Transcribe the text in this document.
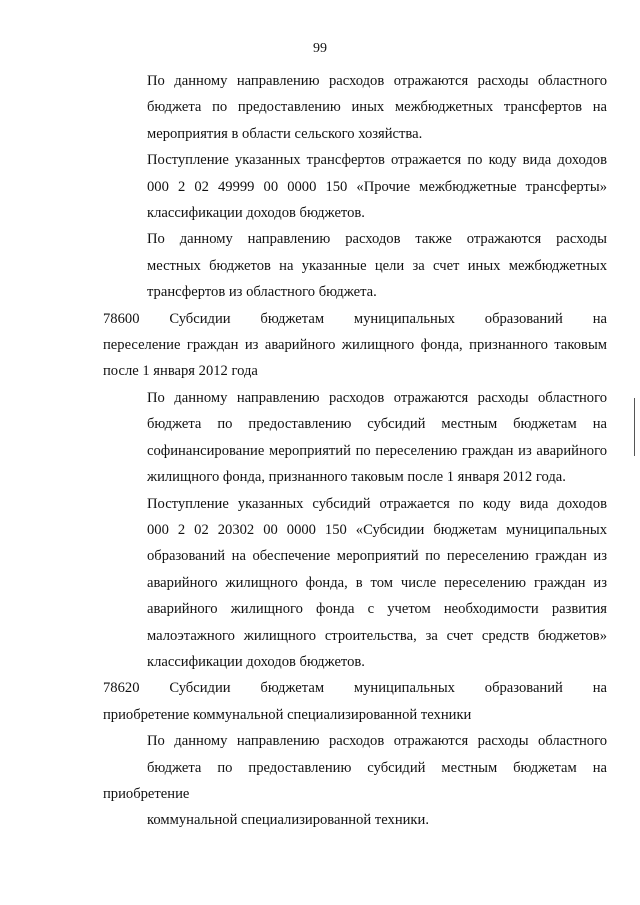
99

По данному направлению расходов отражаются расходы областного
бюджета по предоставлению иных межбюджетных трансфертов на
мероприятия в области сельского хозяйства.

Поступление указанных трансфертов отражается по коду вида доходов
000 2 02 49999 00 0000 150 «Прочие межбюджетные трансферты»
классификации доходов бюджетов.

По данному направлению расходов также отражаются расходы
местных бюджетов на указанные цели за счет иных межбюджетных
трансфертов из областного бюджета.

78600 Субсидии бюджетам муниципальных образований на
переселение граждан из аварийного жилищного фонда, признанного таковым
после 1 января 2012 года

По данному направлению расходов отражаются расходы областного
бюджета по предоставлению субсидий местным бюджетам на
софинансирование мероприятий по переселению граждан из аварийного
жилищного фонда, признанного таковым после 1 января 2012 года.

Поступление указанных субсидий отражается по коду вида доходов
000 2 02 20302 00 0000 150 «Субсидии бюджетам муниципальных
образований на обеспечение мероприятий по переселению граждан из
аварийного жилищного фонда, в том числе переселению граждан из
аварийного жилищного фонда с учетом необходимости развития
малоэтажного жилищного строительства, за счет средств бюджетов»
классификации доходов бюджетов.

78620 Субсидии бюджетам муниципальных образований на
приобретение коммунальной специализированной техники

По данному направлению расходов отражаются расходы областного
бюджета по предоставлению субсидий местным бюджетам на приобретение
коммунальной специализированной техники.
